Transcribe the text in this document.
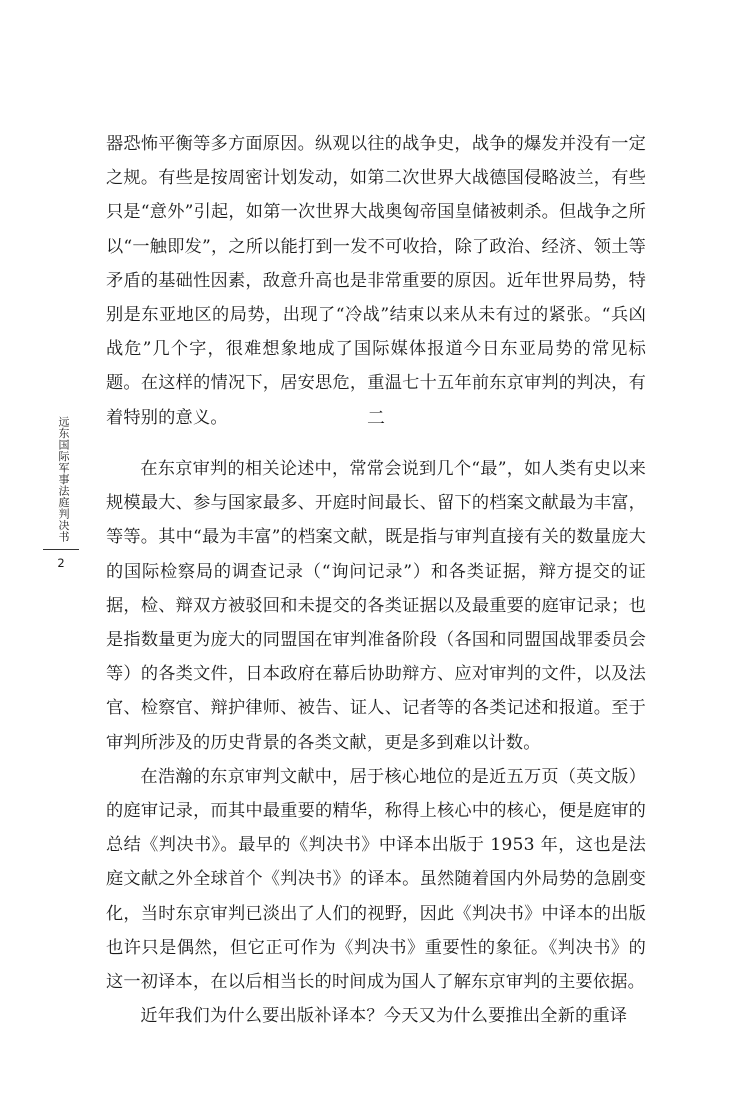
器恐怖平衡等多方面原因。纵观以往的战争史，战争的爆发并没有一定之规。有些是按周密计划发动，如第二次世界大战德国侵略波兰，有些只是“意外”引起，如第一次世界大战奥匈帝国皇储被刺杀。但战争之所以“一触即发”，之所以能打到一发不可收拾，除了政治、经济、领土等矛盾的基础性因素，敌意升高也是非常重要的原因。近年世界局势，特别是东亚地区的局势，出现了“冷战”结束以来从未有过的紧张。“兵凶战危”几个字，很难想象地成了国际媒体报道今日东亚局势的常见标题。在这样的情况下，居安思危，重温七十五年前东京审判的判决，有着特别的意义。	二

在东京审判的相关论述中，常常会说到几个“最”，如人类有史以来规模最大、参与国家最多、开庭时间最长、留下的档案文献最为丰富，等等。其中“最为丰富”的档案文献，既是指与审判直接有关的数量庞大的国际检察局的调查记录（“询问记录”）和各类证据，辩方提交的证据，检、辩双方被驳回和未提交的各类证据以及最重要的庭审记录；也是指数量更为庞大的同盟国在审判准备阶段（各国和同盟国战罪委员会等）的各类文件，日本政府在幕后协助辩方、应对审判的文件，以及法官、检察官、辩护律师、被告、证人、记者等的各类记述和报道。至于审判所涉及的历史背景的各类文献，更是多到难以计数。

在浩瀚的东京审判文献中，居于核心地位的是近五万页（英文版）的庭审记录，而其中最重要的精华，称得上核心中的核心，便是庭审的总结《判决书》。最早的《判决书》中译本出版于 1953 年，这也是法庭文献之外全球首个《判决书》的译本。虽然随着国内外局势的急剧变化，当时东京审判已淡出了人们的视野，因此《判决书》中译本的出版也许只是偶然，但它正可作为《判决书》重要性的象征。《判决书》的这一初译本，在以后相当长的时间成为国人了解东京审判的主要依据。

近年我们为什么要出版补译本？今天又为什么要推出全新的重译

远东国际军事法庭判决书
2
